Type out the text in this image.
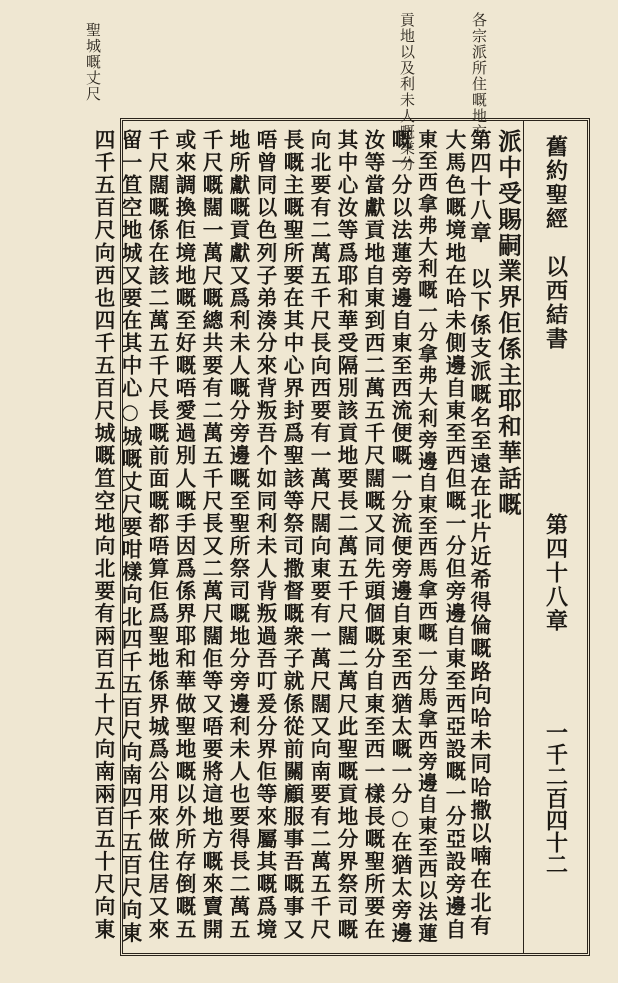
各宗派所住嘅地方
貢地以及利未人嘅業分
聖城嘅丈尺
舊約聖經　以西結書
第四十八章
一千二百四十二
派中受賜嗣業界佢係主耶和華話嘅
第四十八章　以下係支派嘅名至遠在北片近希得倫嘅路向哈未同哈撒以喃在北有
大馬色嘅境地在哈未側邊自東至西但嘅一分但旁邊自東至西亞設嘅一分亞設旁邊自
東至西拿弗大利嘅一分拿弗大利旁邊自東至西馬拿西嘅一分馬拿西旁邊自東至西以法蓮
嘅一分以法蓮旁邊自東至西流便嘅一分流便旁邊自東至西猶太嘅一分○在猶太旁邊
汝等當獻貢地自東到西二萬五千尺闊嘅又同先頭個嘅分自東至西一樣長嘅聖所要在
其中心汝等爲耶和華受隔別該貢地要長二萬五千尺闊二萬尺此聖嘅貢地分界祭司嘅
向北要有二萬五千尺長向西要有一萬尺闊向東要有一萬尺闊又向南要有二萬五千尺
長嘅主嘅聖所要在其中心界封爲聖該等祭司撒督嘅衆子就係從前關顧服事吾嘅事又
唔曾同以色列子弟湊分來背叛吾个如同利未人背叛過吾叮爰分界佢等來屬其嘅爲境
地所獻嘅貢獻又爲利未人嘅分旁邊嘅至聖所祭司嘅地分旁邊利未人也要得長二萬五
千尺嘅闊一萬尺嘅總共要有二萬五千尺長又二萬尺闊佢等又唔要將這地方嘅來賣開
或來調換佢境地嘅至好嘅唔愛過別人嘅手因爲係界耶和華做聖地嘅以外所存倒嘅五
千尺闊嘅係在該二萬五千尺長嘅前面嘅都唔算佢爲聖地係界城爲公用來做住居又來
留一笪空地城又要在其中心○城嘅丈尺要咁樣向北四千五百尺向南四千五百尺向東
四千五百尺向西也四千五百尺城嘅笪空地向北要有兩百五十尺向南兩百五十尺向東
